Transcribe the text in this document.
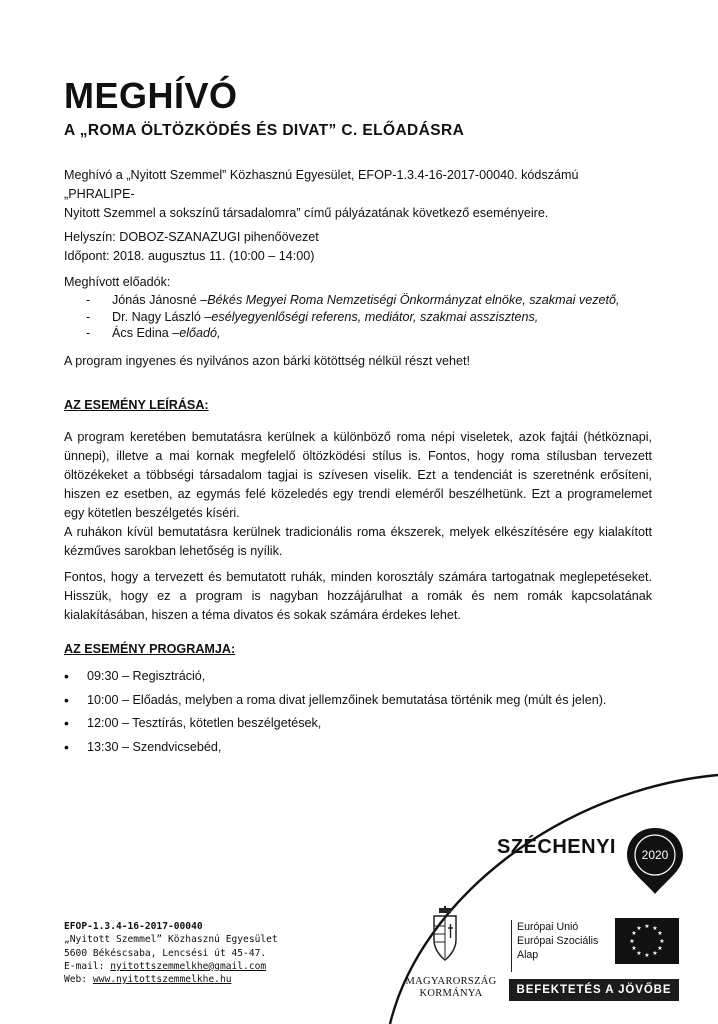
MEGHÍVÓ
A „ROMA ÖLTÖZKÖDÉS ÉS DIVAT” C. ELŐADÁSRA
Meghívó a „Nyitott Szemmel” Közhasznú Egyesület, EFOP-1.3.4-16-2017-00040. kódszámú „PHRALIPE-
Nyitott Szemmel a sokszínű társadalomra” című pályázatának következő eseményeire.
Helyszín: DOBOZ-SZANAZUGI pihenőövezet
Időpont: 2018. augusztus 11. (10:00 – 14:00)
Meghívott előadók:
-	Jónás Jánosné – Békés Megyei Roma Nemzetiségi Önkormányzat elnöke, szakmai vezető,
-	Dr. Nagy László – esélyegyenlőségi referens, mediátor, szakmai asszisztens,
-	Ács Edina – előadó,
A program ingyenes és nyilvános azon bárki kötöttség nélkül részt vehet!
AZ ESEMÉNY LEÍRÁSA:
A program keretében bemutatásra kerülnek a különböző roma népi viseletek, azok fajtái (hétköznapi, ünnepi), illetve a mai kornak megfelelő öltözködési stílus is. Fontos, hogy roma stílusban tervezett öltözékeket a többségi társadalom tagjai is szívesen viselik. Ezt a tendenciát is szeretnénk erősíteni, hiszen ez esetben, az egymás felé közeledés egy trendi eleméről beszélhetünk. Ezt a programelemet egy kötetlen beszélgetés kíséri.
A ruhákon kívül bemutatásra kerülnek tradicionális roma ékszerek, melyek elkészítésére egy kialakított kézműves sarokban lehetőség is nyílik.
Fontos, hogy a tervezett és bemutatott ruhák, minden korosztály számára tartogatnak meglepetéseket. Hisszük, hogy ez a program is nagyban hozzájárulhat a romák és nem romák kapcsolatának kialakításában, hiszen a téma divatos és sokak számára érdekes lehet.
AZ ESEMÉNY PROGRAMJA:
•	09:30 – Regisztráció,
•	10:00 – Előadás, melyben a roma divat jellemzőinek bemutatása történik meg (múlt és jelen).
•	12:00 – Tesztírás, kötetlen beszélgetések,
•	13:30 – Szendvicsebéd,
SZÉCHENYI 2020
EFOP-1.3.4-16-2017-00040
„Nyitott Szemmel” Közhasznú Egyesület
5600 Békéscsaba, Lencsési út 45-47.
E-mail: nyitottszemmelkhe@gmail.com
Web: www.nyitottszemmelkhe.hu	MAGYARORSZÁG
KORMÁNYA
Európai Unió
Európai Szociális
Alap
★ ★
★
★
★
★
★
★
★
★
★
★
BEFEKTETÉS A JÖVŐBE
